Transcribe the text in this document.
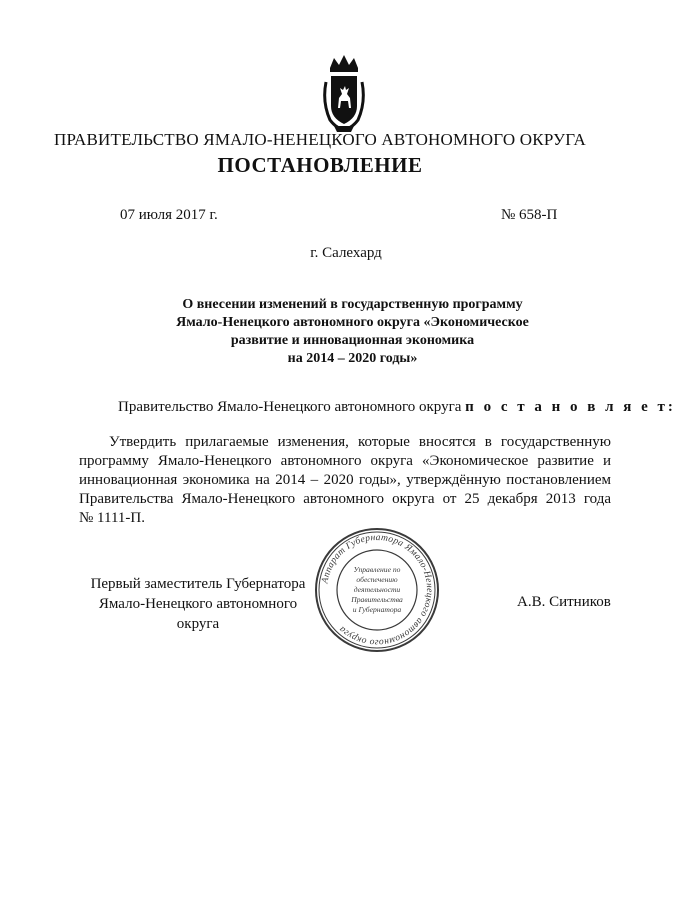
ПРАВИТЕЛЬСТВО ЯМАЛО-НЕНЕЦКОГО АВТОНОМНОГО ОКРУГА
ПОСТАНОВЛЕНИЕ
07 июля 2017 г.	№ 658-П
г. Салехард
О внесении изменений в государственную программу
Ямало-Ненецкого автономного округа «Экономическое
развитие и инновационная экономика
на 2014 – 2020 годы»
Правительство Ямало-Ненецкого автономного округа п о с т а н о в л я е т:
Утвердить прилагаемые изменения, которые вносятся в государственную
программу Ямало-Ненецкого автономного округа «Экономическое развитие и
инновационная экономика на 2014 – 2020 годы», утверждённую постановлением
Правительства Ямало-Ненецкого автономного округа от 25 декабря 2013 года
№ 1111-П.
Первый заместитель Губернатора
Ямало-Ненецкого автономного округа
А.В. Ситников
Аппарат Губернатора Ямало-Ненецкого автономного округа
Управление по
обеспечению
деятельности
Правительства
и Губернатора
